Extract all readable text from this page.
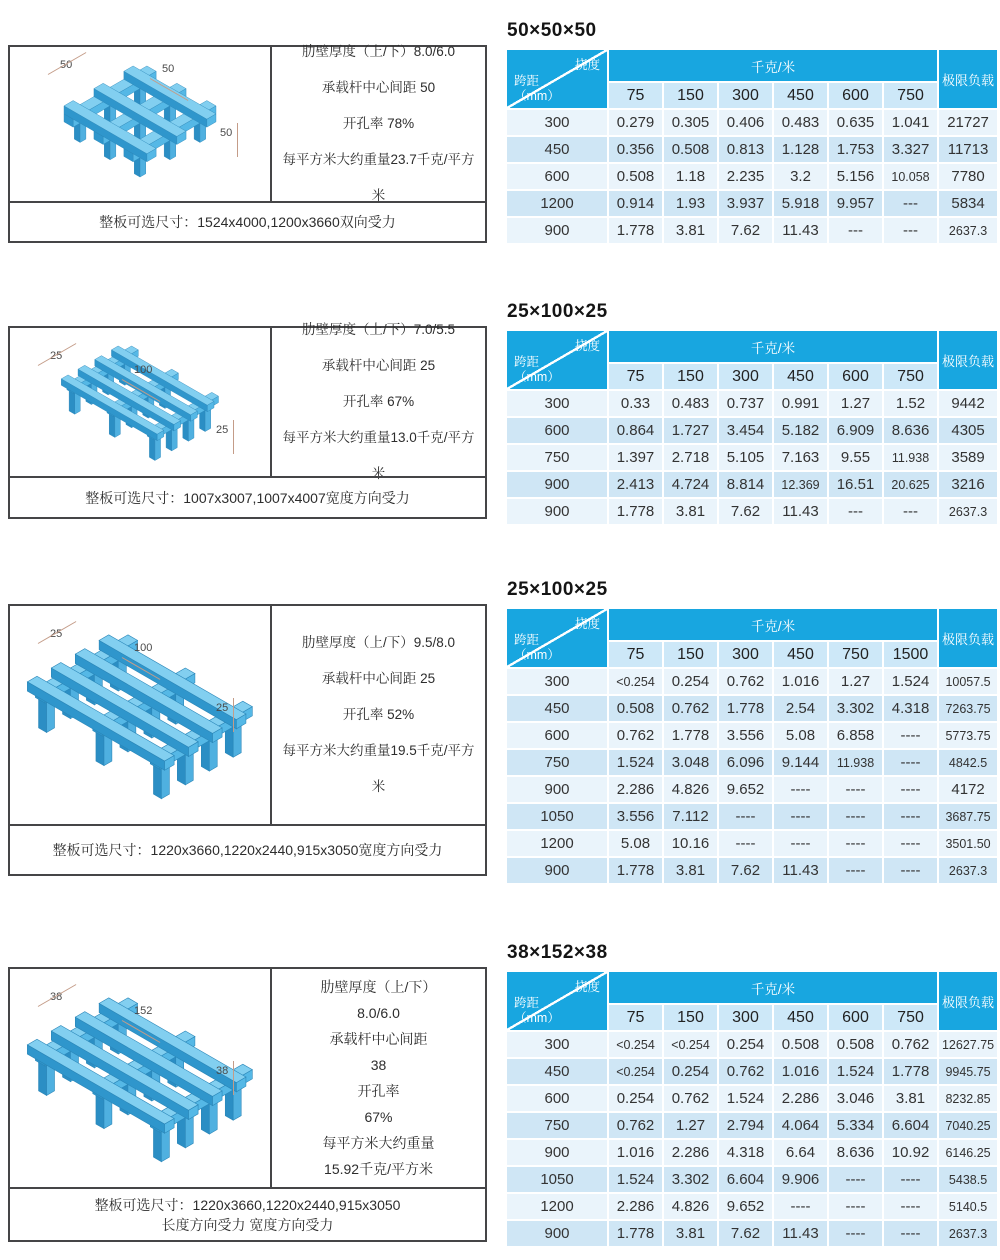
50	50
50
肋壁厚度（上/下）8.0/6.0
承载杆中心间距 50
开孔率 78%
每平方米大约重量23.7千克/平方米
整板可选尺寸：1524x4000,1200x3660双向受力
50×50×50
挠度
跨距
（mm）	千克/米						极限负载
	75	150	300	450	600	750	
300	0.279	0.305	0.406	0.483	0.635	1.041	21727
450	0.356	0.508	0.813	1.128	1.753	3.327	11713
600	0.508	1.18	2.235	3.2	5.156	10.058	7780
1200	0.914	1.93	3.937	5.918	9.957	---	5834
900	1.778	3.81	7.62	11.43	---	---	2637.3
25
100
25
肋壁厚度（上/下）7.0/5.5
承载杆中心间距 25
开孔率 67%
每平方米大约重量13.0千克/平方米
整板可选尺寸：1007x3007,1007x4007宽度方向受力
25×100×25
挠度
跨距
（mm）	千克/米						极限负载
	75	150	300	450	600	750	
300	0.33	0.483	0.737	0.991	1.27	1.52	9442
600	0.864	1.727	3.454	5.182	6.909	8.636	4305
750	1.397	2.718	5.105	7.163	9.55	11.938	3589
900	2.413	4.724	8.814	12.369	16.51	20.625	3216
900	1.778	3.81	7.62	11.43	---	---	2637.3
25
100
25
肋壁厚度（上/下）9.5/8.0
承载杆中心间距 25
开孔率 52%
每平方米大约重量19.5千克/平方米
整板可选尺寸：1220x3660,1220x2440,915x3050宽度方向受力
25×100×25
挠度
跨距
（mm）	千克/米						极限负载
	75	150	300	450	750	1500	
300	<0.254	0.254	0.762	1.016	1.27	1.524	10057.5
450	0.508	0.762	1.778	2.54	3.302	4.318	7263.75
600	0.762	1.778	3.556	5.08	6.858	----	5773.75
750	1.524	3.048	6.096	9.144	11.938	----	4842.5
900	2.286	4.826	9.652	----	----	----	4172
1050	3.556	7.112	----	----	----	----	3687.75
1200	5.08	10.16	----	----	----	----	3501.50
900	1.778	3.81	7.62	11.43	----	----	2637.3
38
152
38
肋壁厚度（上/下）
8.0/6.0
承载杆中心间距
38
开孔率
67%
每平方米大约重量
15.92千克/平方米
整板可选尺寸：1220x3660,1220x2440,915x3050
长度方向受力 宽度方向受力
38×152×38
挠度
跨距
（mm）	千克/米						极限负载
	75	150	300	450	600	750	
300	<0.254	<0.254	0.254	0.508	0.508	0.762	12627.75
450	<0.254	0.254	0.762	1.016	1.524	1.778	9945.75
600	0.254	0.762	1.524	2.286	3.046	3.81	8232.85
750	0.762	1.27	2.794	4.064	5.334	6.604	7040.25
900	1.016	2.286	4.318	6.64	8.636	10.92	6146.25
1050	1.524	3.302	6.604	9.906	----	----	5438.5
1200	2.286	4.826	9.652	----	----	----	5140.5
900	1.778	3.81	7.62	11.43	----	----	2637.3
